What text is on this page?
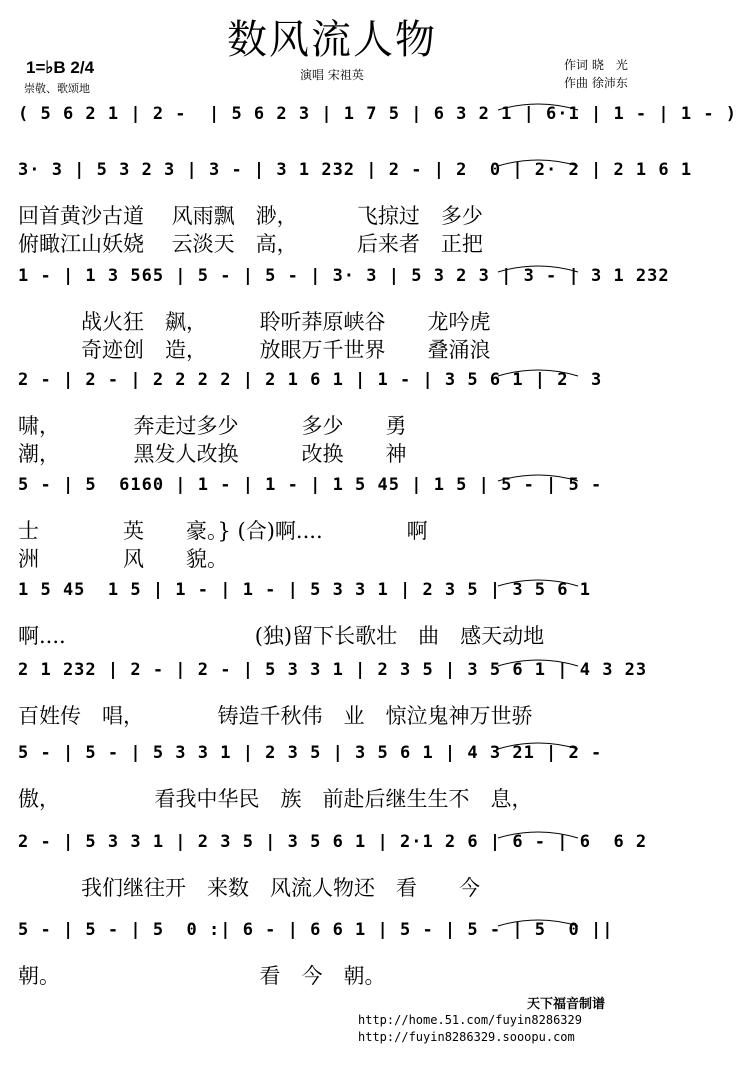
数风流人物
1=♭B 2/4
崇敬、歌颂地
演唱 宋祖英
作词 晓　光
作曲 徐沛东
( 5 6 2 1 | 2 -  | 5 6 2 3 | 1 7 5 | 6 3 2 1 | 6·1 | 1 - | 1 - )
3· 3 | 5 3 2 3 | 3 - | 3 1 232 | 2 - | 2  0 | 2· 2 | 2 1 6 1
回首黄沙古道　 风雨飘　渺，　　　 飞掠过　多少
俯瞰江山妖娆　 云淡天　高，　　　 后来者　正把
1 - | 1 3 565 | 5 - | 5 - | 3· 3 | 5 3 2 3 | 3 - | 3 1 232
　　　战火狂　飙，　　　聆听莽原峡谷　　龙吟虎
　　　奇迹创　造，　　　放眼万千世界　　叠涌浪
2 - | 2 - | 2 2 2 2 | 2 1 6 1 | 1 - | 3 5 6 1 | 2  3
啸，　　　　奔走过多少　　　多少　　勇
潮，　　　　黑发人改换　　　改换　　神
5 - | 5  6160 | 1 - | 1 - | 1 5 45 | 1 5 | 5 - | 5 -
士　　　　英　　豪。} (合)啊....　　　　啊
洲　　　　风　　貌。
1 5 45  1 5 | 1 - | 1 - | 5 3 3 1 | 2 3 5 | 3 5 6 1
啊....　　　　　　　　　(独)留下长歌壮　曲　感天动地
2 1 232 | 2 - | 2 - | 5 3 3 1 | 2 3 5 | 3 5 6 1 | 4 3 23
百姓传　唱，　　　　铸造千秋伟　业　惊泣鬼神万世骄
5 - | 5 - | 5 3 3 1 | 2 3 5 | 3 5 6 1 | 4 3 21 | 2 -
傲，　　　　　看我中华民　族　前赴后继生生不　息，
2 - | 5 3 3 1 | 2 3 5 | 3 5 6 1 | 2·1 2 6 | 6 - | 6  6 2
　　　我们继往开　来数　风流人物还　看　　今
5 - | 5 - | 5  0 :| 6 - | 6 6 1 | 5 - | 5 - | 5  0 ||
朝。　　　　　　　　　　看　今　朝。
天下福音制谱
http://home.51.com/fuyin8286329
http://fuyin8286329.sooopu.com
